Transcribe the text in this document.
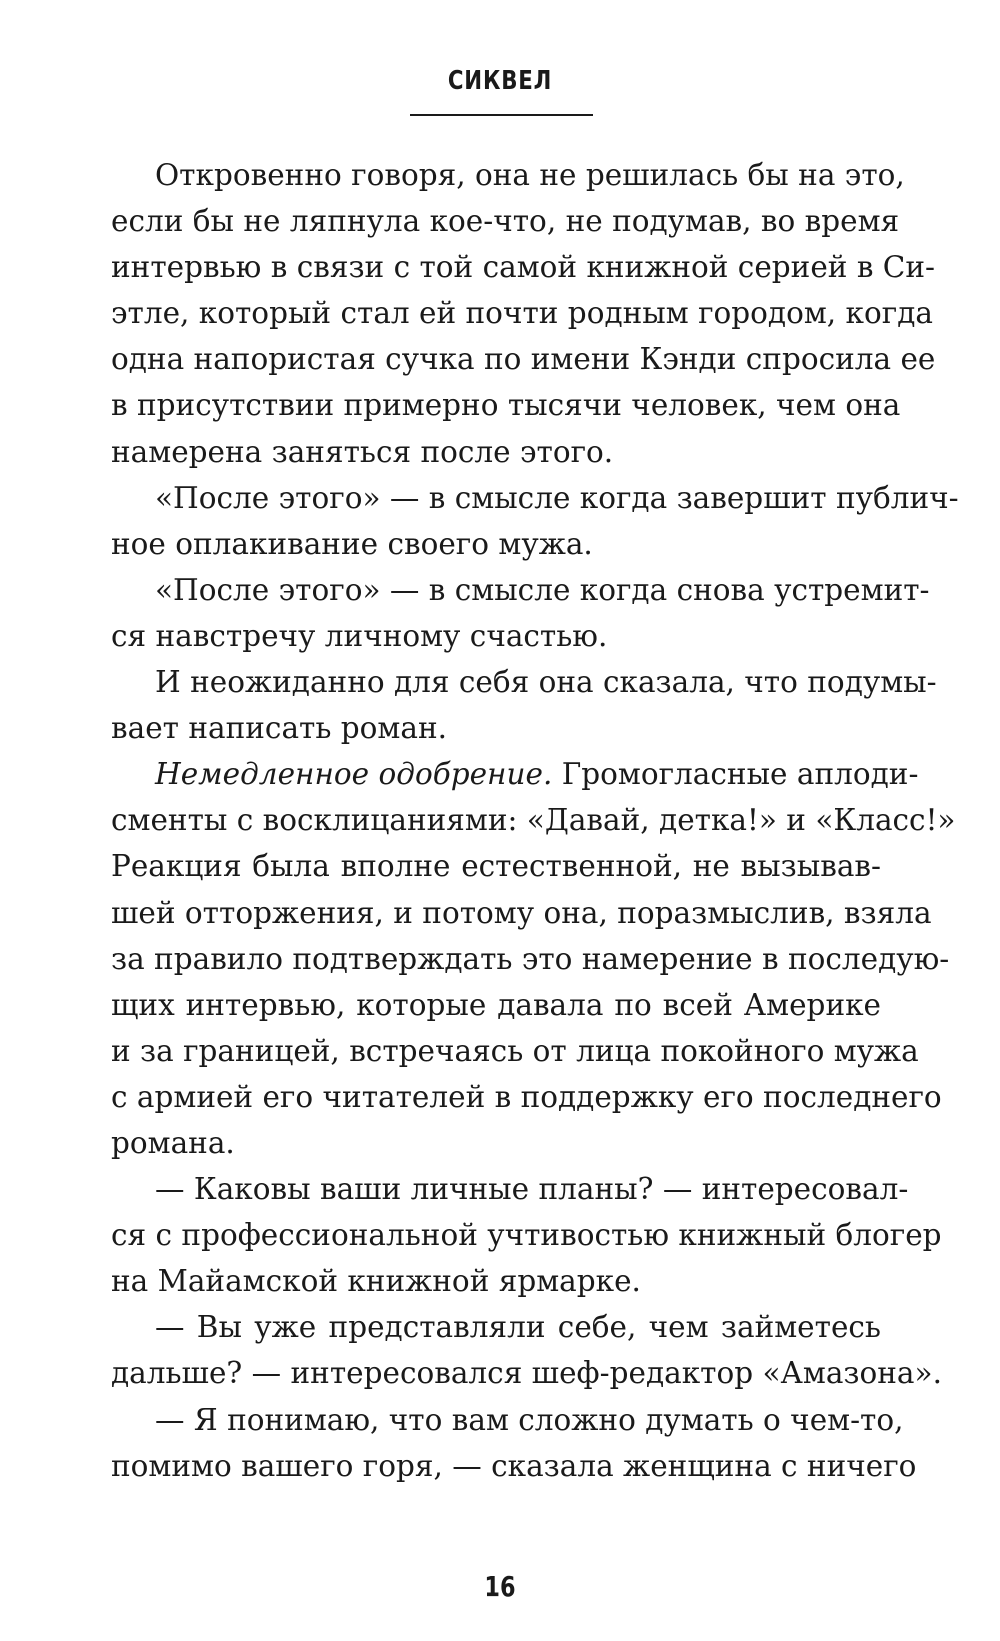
СИКВЕЛ
Откровенно говоря, она не решилась бы на это,
если бы не ляпнула кое-что, не подумав, во время
интервью в связи с той самой книжной серией в Си-
этле, который стал ей почти родным городом, когда
одна напористая сучка по имени Кэнди спросила ее
в присутствии примерно тысячи человек, чем она
намерена заняться после этого.
«После этого» — в смысле когда завершит публич-
ное оплакивание своего мужа.
«После этого» — в смысле когда снова устремит-
ся навстречу личному счастью.
И неожиданно для себя она сказала, что подумы-
вает написать роман.
Немедленное одобрение. Громогласные аплоди-
сменты с восклицаниями: «Давай, детка!» и «Класс!»
Реакция была вполне естественной, не вызывав-
шей отторжения, и потому она, поразмыслив, взяла
за правило подтверждать это намерение в последую-
щих интервью, которые давала по всей Америке
и за границей, встречаясь от лица покойного мужа
с армией его читателей в поддержку его последнего
романа.
— Каковы ваши личные планы? — интересовал-
ся с профессиональной учтивостью книжный блогер
на Майамской книжной ярмарке.
— Вы уже представляли себе, чем займетесь
дальше? — интересовался шеф-редактор «Амазона».
— Я понимаю, что вам сложно думать о чем-то,
помимо вашего горя, — сказала женщина с ничего
16
